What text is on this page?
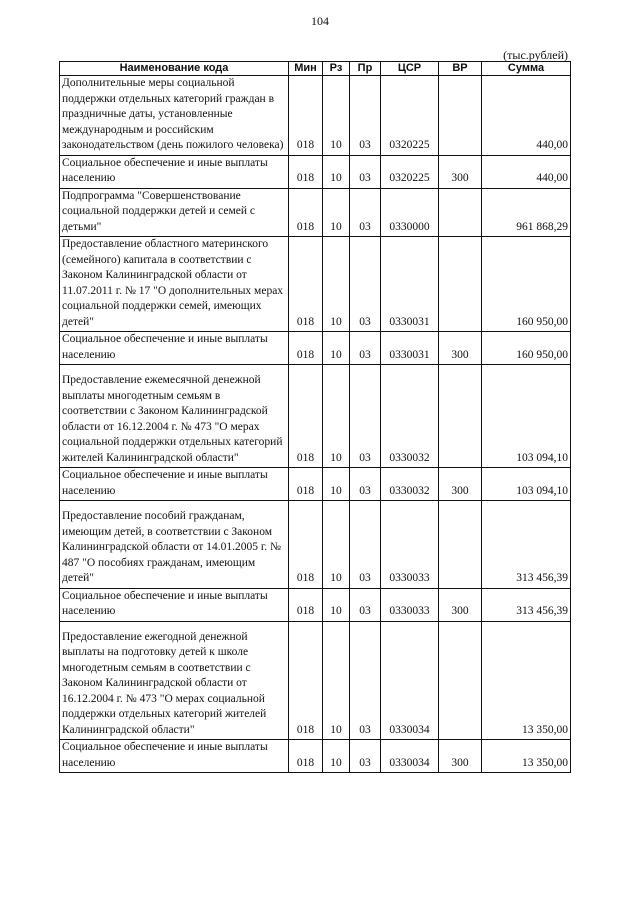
104
(тыс.рублей)
Наименование кода	Мин	Рз	Пр	ЦСР	ВР	Сумма

Дополнительные меры социальной поддержки отдельных категорий граждан в праздничные даты, установленные международным и российским законодательством (день пожилого человека)	018	10	03	0320225		440,00

Социальное обеспечение и иные выплаты населению	018	10	03	0320225	300	440,00

Подпрограмма "Совершенствование социальной поддержки детей и семей с детьми"	018	10	03	0330000		961 868,29

Предоставление областного материнского (семейного) капитала в соответствии с Законом Калининградской области от 11.07.2011 г. № 17 "О дополнительных мерах социальной поддержки семей, имеющих детей"	018	10	03	0330031		160 950,00

Социальное обеспечение и иные выплаты населению	018	10	03	0330031	300	160 950,00

Предоставление ежемесячной денежной выплаты многодетным семьям в соответствии с Законом Калининградской области от 16.12.2004 г. № 473 "О мерах социальной поддержки отдельных категорий жителей Калининградской области"	018	10	03	0330032		103 094,10

Социальное обеспечение и иные выплаты населению	018	10	03	0330032	300	103 094,10

Предоставление пособий гражданам, имеющим детей, в соответствии с Законом Калининградской области от 14.01.2005 г. № 487 "О пособиях гражданам, имеющим детей"	018	10	03	0330033		313 456,39

Социальное обеспечение и иные выплаты населению	018	10	03	0330033	300	313 456,39

Предоставление ежегодной денежной выплаты на подготовку детей к школе многодетным семьям в соответствии с Законом Калининградской области от 16.12.2004 г. № 473 "О мерах социальной поддержки отдельных категорий жителей Калининградской области"	018	10	03	0330034		13 350,00

Социальное обеспечение и иные выплаты населению	018	10	03	0330034	300	13 350,00
